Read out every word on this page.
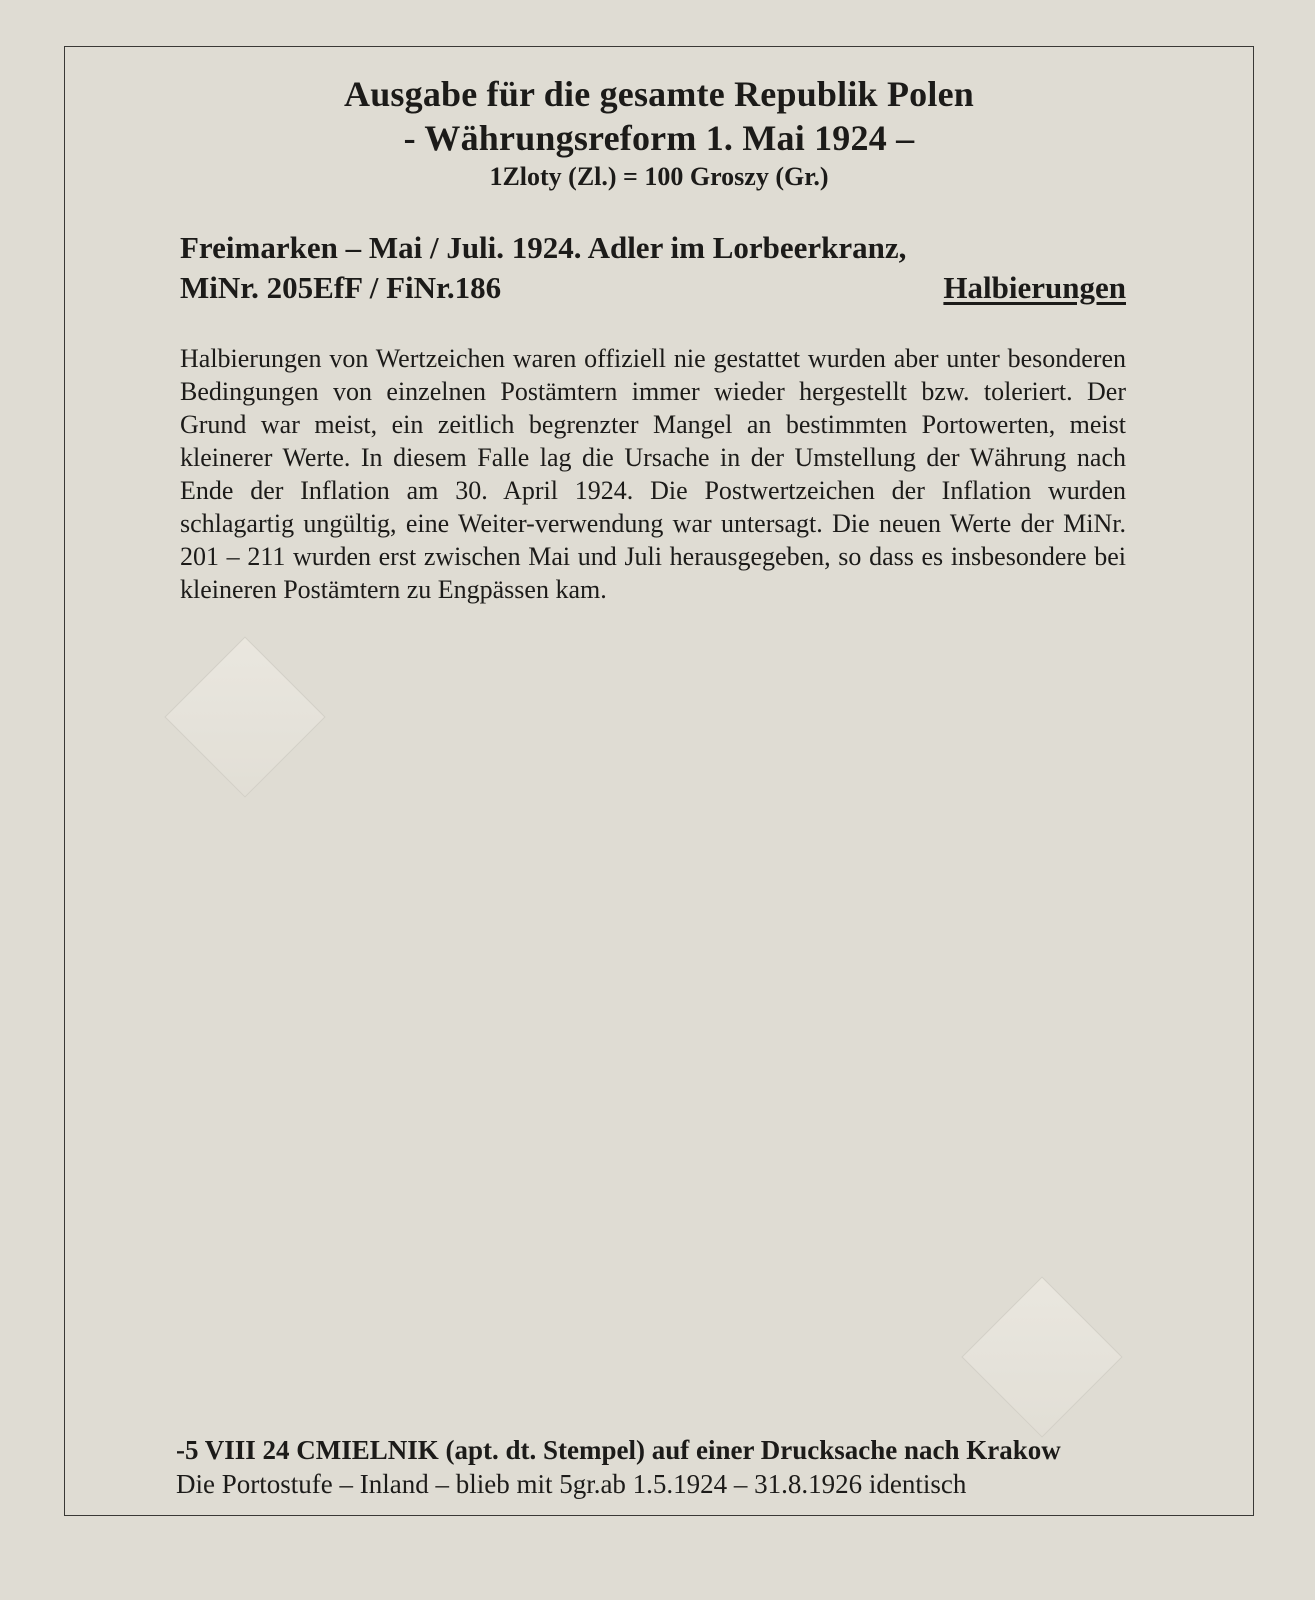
Ausgabe für die gesamte Republik Polen
- Währungsreform 1. Mai 1924 –
1Zloty (Zl.) = 100 Groszy (Gr.)
Freimarken – Mai / Juli. 1924. Adler im Lorbeerkranz,
MiNr. 205EfF / FiNr.186	Halbierungen
Halbierungen von Wertzeichen waren offiziell nie gestattet wurden aber unter besonderen Bedingungen von einzelnen Postämtern immer wieder hergestellt bzw. toleriert. Der Grund war meist, ein zeitlich begrenzter Mangel an bestimmten Portowerten, meist kleinerer Werte. In diesem Falle lag die Ursache in der Umstellung der Währung nach Ende der Inflation am 30. April 1924. Die Postwertzeichen der Inflation wurden schlagartig ungültig, eine Weiter-verwendung war untersagt. Die neuen Werte der MiNr. 201 – 211 wurden erst zwischen Mai und Juli herausgegeben, so dass es insbesondere bei kleineren Postämtern zu Engpässen kam.
-5 VIII 24 CMIELNIK (apt. dt. Stempel) auf einer Drucksache nach Krakow
Die Portostufe – Inland – blieb mit 5gr.ab 1.5.1924 – 31.8.1926 identisch
